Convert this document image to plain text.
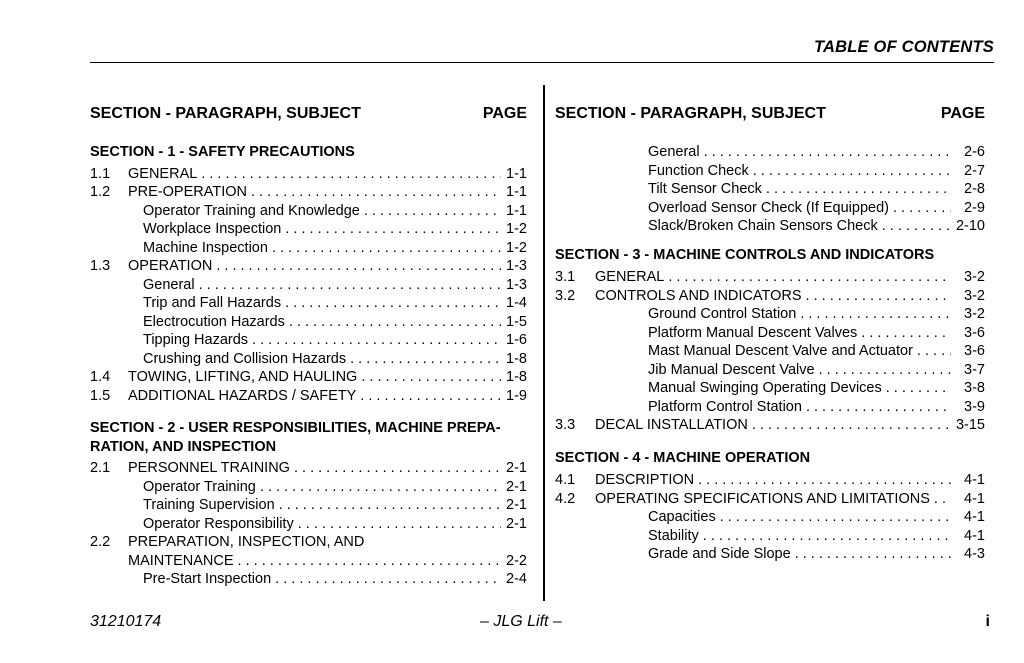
TABLE OF CONTENTS
SECTION - PARAGRAPH, SUBJECT	PAGE
SECTION - 1 - SAFETY PRECAUTIONS
1.1	GENERAL . . .	1-1
1.2	PRE-OPERATION . . .	1-1
Operator Training and Knowledge . . .	1-1
Workplace Inspection . . .	1-2
Machine Inspection . . .	1-2
1.3	OPERATION . . .	1-3
General . . .	1-3
Trip and Fall Hazards . . .	1-4
Electrocution Hazards . . .	1-5
Tipping Hazards . . .	1-6
Crushing and Collision Hazards . . .	1-8
1.4	TOWING, LIFTING, AND HAULING . . .	1-8
1.5	ADDITIONAL HAZARDS / SAFETY . . .	1-9
SECTION - 2 - USER RESPONSIBILITIES, MACHINE PREPA-
RATION, AND INSPECTION
2.1	PERSONNEL TRAINING . . .	2-1
Operator Training . . .	2-1
Training Supervision . . .	2-1
Operator Responsibility . . .	2-1
2.2	PREPARATION, INSPECTION, AND
MAINTENANCE . . .	2-2
Pre-Start Inspection . . .	2-4
SECTION - PARAGRAPH, SUBJECT	PAGE
General . . .	2-6
Function Check . . .	2-7
Tilt Sensor Check . . .	2-8
Overload Sensor Check (If Equipped) . . .	2-9
Slack/Broken Chain Sensors Check . . .	2-10
SECTION - 3 - MACHINE CONTROLS AND INDICATORS
3.1	GENERAL . . .	3-2
3.2	CONTROLS AND INDICATORS . . .	3-2
Ground Control Station . . .	3-2
Platform Manual Descent Valves . . .	3-6
Mast Manual Descent Valve and Actuator . . .	3-6
Jib Manual Descent Valve . . .	3-7
Manual Swinging Operating Devices . . .	3-8
Platform Control Station . . .	3-9
3.3	DECAL INSTALLATION . . .	3-15
SECTION - 4 - MACHINE OPERATION
4.1	DESCRIPTION . . .	4-1
4.2	OPERATING SPECIFICATIONS AND LIMITATIONS . . .	4-1
Capacities . . .	4-1
Stability . . .	4-1
Grade and Side Slope . . .	4-3
31210174	– JLG Lift –	i
